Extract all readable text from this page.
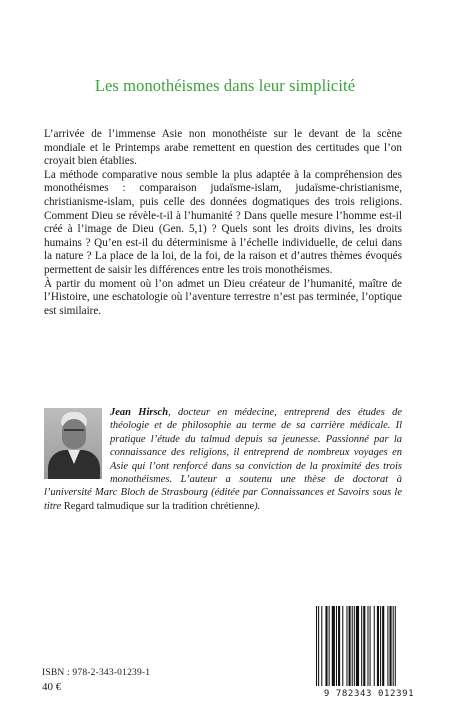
Les monothéismes dans leur simplicité

L’arrivée de l’immense Asie non monothéiste sur le devant de la scène mondiale et le Printemps arabe remettent en question des certitudes que l’on croyait bien établies.

La méthode comparative nous semble la plus adaptée à la compréhension des monothéismes : comparaison judaïsme-islam, judaïsme-christianisme, christianisme-islam, puis celle des données dogmatiques des trois religions. Comment Dieu se révèle-t-il à l’humanité ? Dans quelle mesure l’homme est-il créé à l’image de Dieu (Gen. 5,1) ? Quels sont les droits divins, les droits humains ? Qu’en est-il du déterminisme à l’échelle individuelle, de celui dans la nature ? La place de la loi, de la foi, de la raison et d’autres thèmes évoqués permettent de saisir les différences entre les trois monothéismes.

À partir du moment où l’on admet un Dieu créateur de l’humanité, maître de l’Histoire, une eschatologie où l’aventure terrestre n’est pas terminée, l’optique est similaire.

Jean Hirsch, docteur en médecine, entreprend des études de théologie et de philosophie au terme de sa carrière médicale. Il pratique l’étude du talmud depuis sa jeunesse. Passionné par la connaissance des religions, il entreprend de nombreux voyages en Asie qui l’ont renforcé dans sa conviction de la proximité des trois monothéismes. L’auteur a soutenu une thèse de doctorat à l’université Marc Bloch de Strasbourg (éditée par Connaissances et Savoirs sous le titre Regard talmudique sur la tradition chrétienne).
ISBN : 978-2-343-01239-1
40 €
9 782343 012391
